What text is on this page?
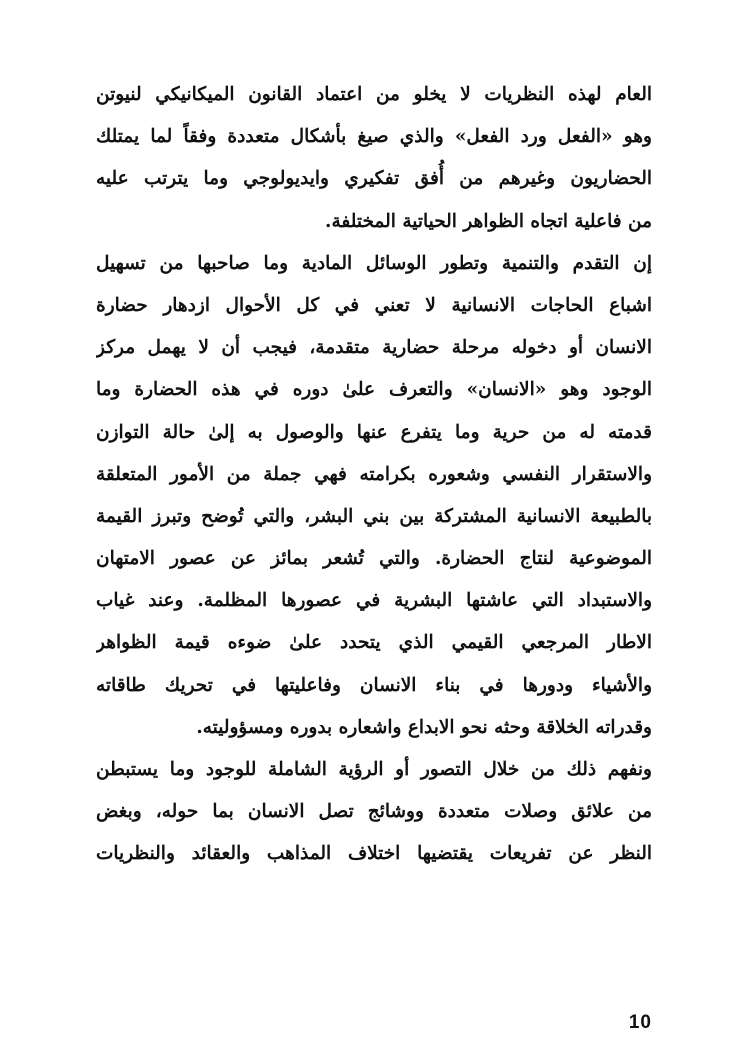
العام لهذه النظريات لا يخلو من اعتماد القانون الميكانيكي لنيوتن
وهو «الفعل ورد الفعل» والذي صيغ بأشكال متعددة وفقاً لما يمتلك
الحضاريون وغيرهم من أُفق تفكيري وايديولوجي وما يترتب عليه
من فاعلية اتجاه الظواهر الحياتية المختلفة.
إن التقدم والتنمية وتطور الوسائل المادية وما صاحبها من تسهيل
اشباع الحاجات الانسانية لا تعني في كل الأحوال ازدهار حضارة
الانسان أو دخوله مرحلة حضارية متقدمة، فيجب أن لا يهمل مركز
الوجود وهو «الانسان» والتعرف علىٰ دوره في هذه الحضارة وما
قدمته له من حرية وما يتفرع عنها والوصول به إلىٰ حالة التوازن
والاستقرار النفسي وشعوره بكرامته فهي جملة من الأمور المتعلقة
بالطبيعة الانسانية المشتركة بين بني البشر، والتي تُوضح وتبرز القيمة
الموضوعية لنتاج الحضارة. والتي تُشعر بمائز عن عصور الامتهان
والاستبداد التي عاشتها البشرية في عصورها المظلمة. وعند غياب
الاطار المرجعي القيمي الذي يتحدد علىٰ ضوءه قيمة الظواهر
والأشياء ودورها في بناء الانسان وفاعليتها في تحريك طاقاته
وقدراته الخلاقة وحثه نحو الابداع واشعاره بدوره ومسؤوليته.
ونفهم ذلك من خلال التصور أو الرؤية الشاملة للوجود وما يستبطن
من علائق وصلات متعددة ووشائج تصل الانسان بما حوله، وبغض
النظر عن تفريعات يقتضيها اختلاف المذاهب والعقائد والنظريات
10
